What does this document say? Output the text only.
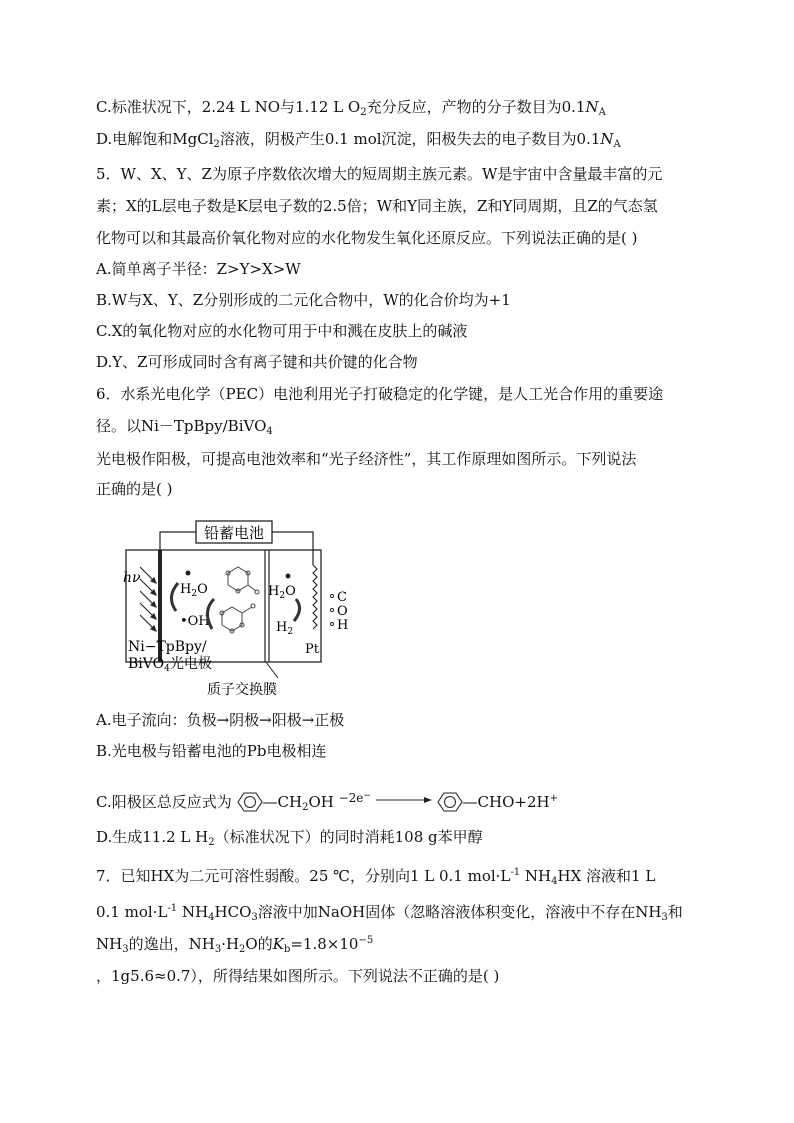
C.标准状况下，2.24 L NO与1.12 L $O_2$充分反应，产物的分子数目为$0.1N_A$
D.电解饱和MgCl$_2$溶液，阴极产生0.1 mol沉淀，阳极失去的电子数目为$0.1N_A$
5．W、X、Y、Z为原子序数依次增大的短周期主族元素。W是宇宙中含量最丰富的元
素；X的L层电子数是K层电子数的2.5倍；W和Y同主族，Z和Y同周期，且Z的气态氢
化物可以和其最高价氧化物对应的水化物发生氧化还原反应。下列说法正确的是( )
A.简单离子半径：Z>Y>X>W
B.W与X、Y、Z分别形成的二元化合物中，W的化合价均为+1
C.X的氧化物对应的水化物可用于中和溅在皮肤上的碱液
D.Y、Z可形成同时含有离子键和共价键的化合物
6．水系光电化学（PEC）电池利用光子打破稳定的化学键，是人工光合作用的重要途
径。以Ni－TpBpy/BiVO$_4$
光电极作阳极，可提高电池效率和“光子经济性”，其工作原理如图所示。下列说法
正确的是( )
铅蓄电池
hν
$H_2O$
•OH
$H_2O$
$H_2$
Pt
C
O
H
Ni−TpBpy/
BiVO$_4$光电极
质子交换膜
A.电子流向：负极→阴极→阳极→正极
B.光电极与铅蓄电池的Pb电极相连
C.阳极区总反应式为 $—CH_2OH$ $^{-2e^-}$ → —CHO+2H+
D.生成11.2 L $H_2$（标准状况下）的同时消耗108 g苯甲醇
7．已知HX为二元可溶性弱酸。25 ℃，分别向1 L 0.1 $mol\cdot L^{-1}$ $NH_4HX$ 溶液和1 L
0.1 $mol\cdot L^{-1}$ $NH_4HCO_3$溶液中加NaOH固体（忽略溶液体积变化，溶液中不存在$NH_3$和
$NH_3$的逸出，$NH_3\cdot H_2O$的$K_b=1.8\times 10^{-5}$
，1g5.6≈0.7），所得结果如图所示。下列说法不正确的是( )
